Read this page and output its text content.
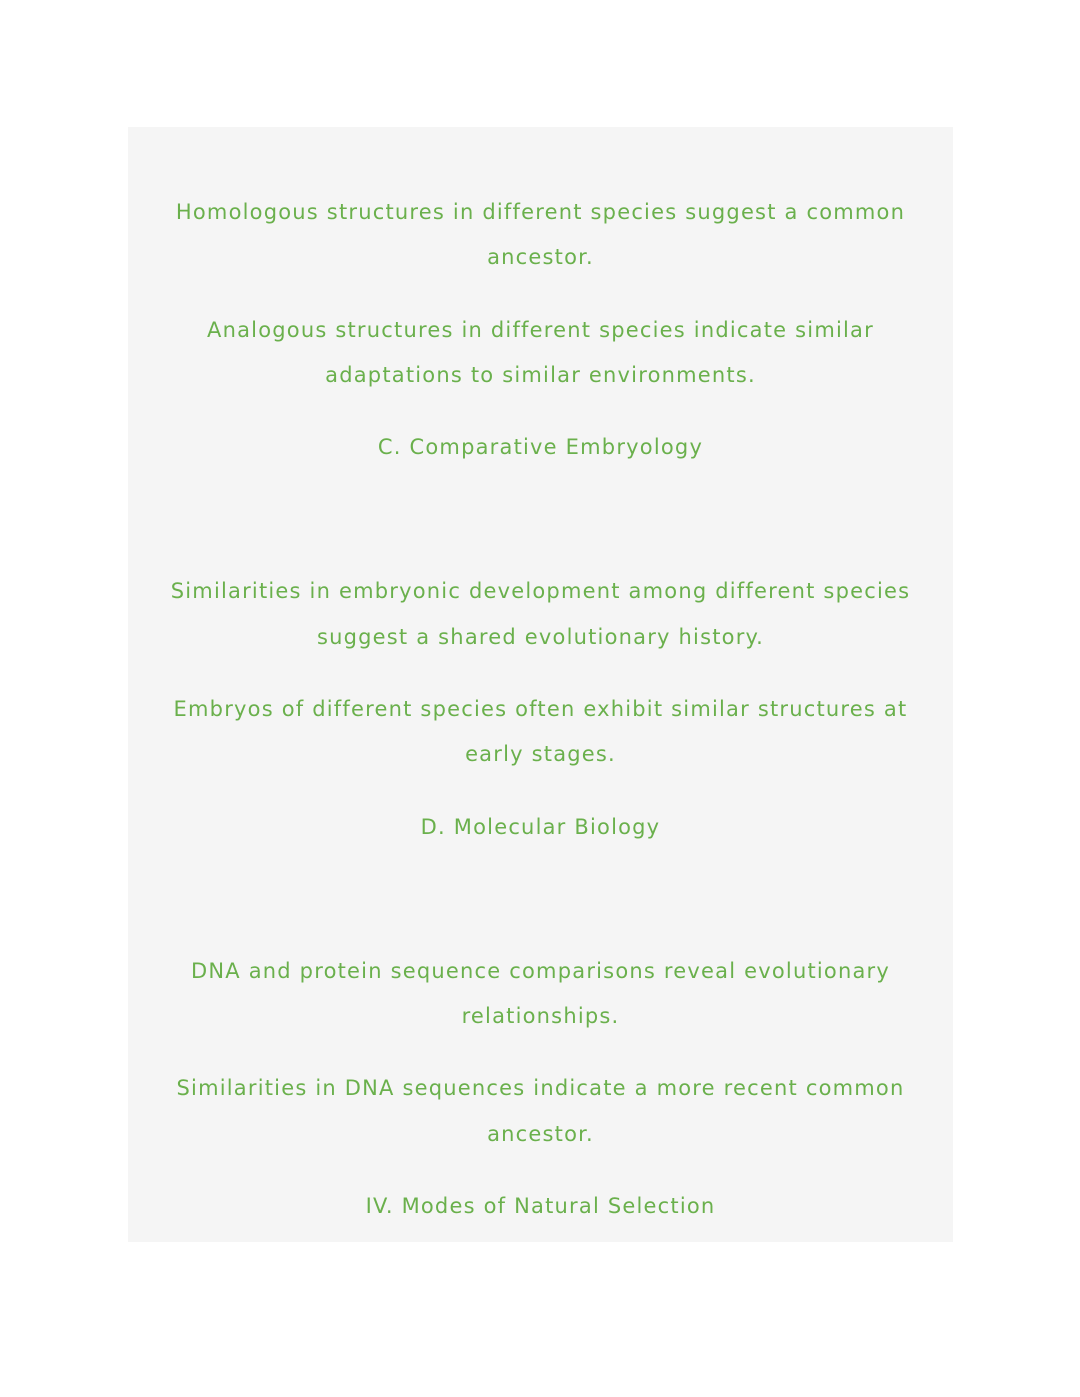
Homologous structures in different species suggest a common
ancestor.
Analogous structures in different species indicate similar
adaptations to similar environments.
C. Comparative Embryology
Similarities in embryonic development among different species
suggest a shared evolutionary history.
Embryos of different species often exhibit similar structures at
early stages.
D. Molecular Biology
DNA and protein sequence comparisons reveal evolutionary
relationships.
Similarities in DNA sequences indicate a more recent common
ancestor.
IV. Modes of Natural Selection
